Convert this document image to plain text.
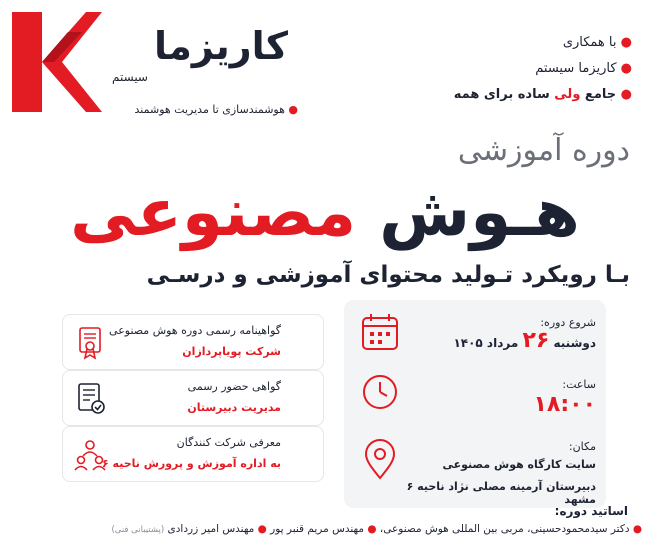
کاریزما
سیستم
● هوشمندسازی تا مدیریت هوشمند
● با همکاری
● کاریزما سیستم
● جامع ولی ساده برای همه
دوره آموزشی
هـوش مصنوعی
بـا رویکرد تـولید محتوای آموزشی و درسـی
گواهینامه رسمی دوره هوش مصنوعی
شرکت پویاپردازان
گواهی حضور رسمی
مدیریت دبیرستان
معرفی شرکت کنندگان
به اداره آموزش و پرورش ناحیه ۶
شروع دوره:
دوشنبه ۲۶ مرداد ۱۴۰۵
ساعت:
۱۸:۰۰
مکان:
سایت کارگاه هوش مصنوعی
دبیرستان آرمینه مصلی نژاد ناحیه ۶ مشهد
اساتید دوره:
● دکتر سیدمحمودحسینی، مربی بین المللی هوش مصنوعی، ● مهندس مریم قنبر پور ● مهندس امیر زردادی (پشتیبانی فنی)
